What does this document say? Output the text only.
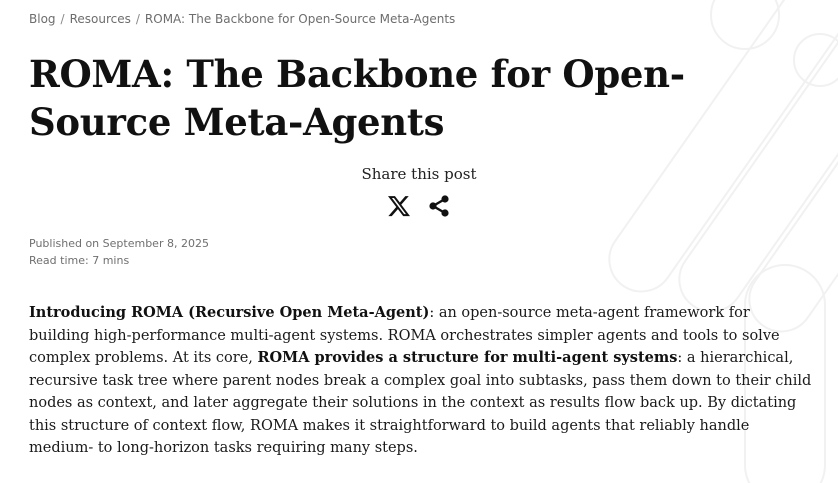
Blog / Resources / ROMA: The Backbone for Open-Source Meta-Agents
ROMA: The Backbone for Open-Source Meta-Agents
Share this post
Published on September 8, 2025
Read time: 7 mins

Introducing ROMA (Recursive Open Meta-Agent): an open-source meta-agent framework for building high-performance multi-agent systems. ROMA orchestrates simpler agents and tools to solve complex problems. At its core, ROMA provides a structure for multi-agent systems: a hierarchical, recursive task tree where parent nodes break a complex goal into subtasks, pass them down to their child nodes as context, and later aggregate their solutions in the context as results flow back up. By dictating this structure of context flow, ROMA makes it straightforward to build agents that reliably handle medium- to long-horizon tasks requiring many steps.
